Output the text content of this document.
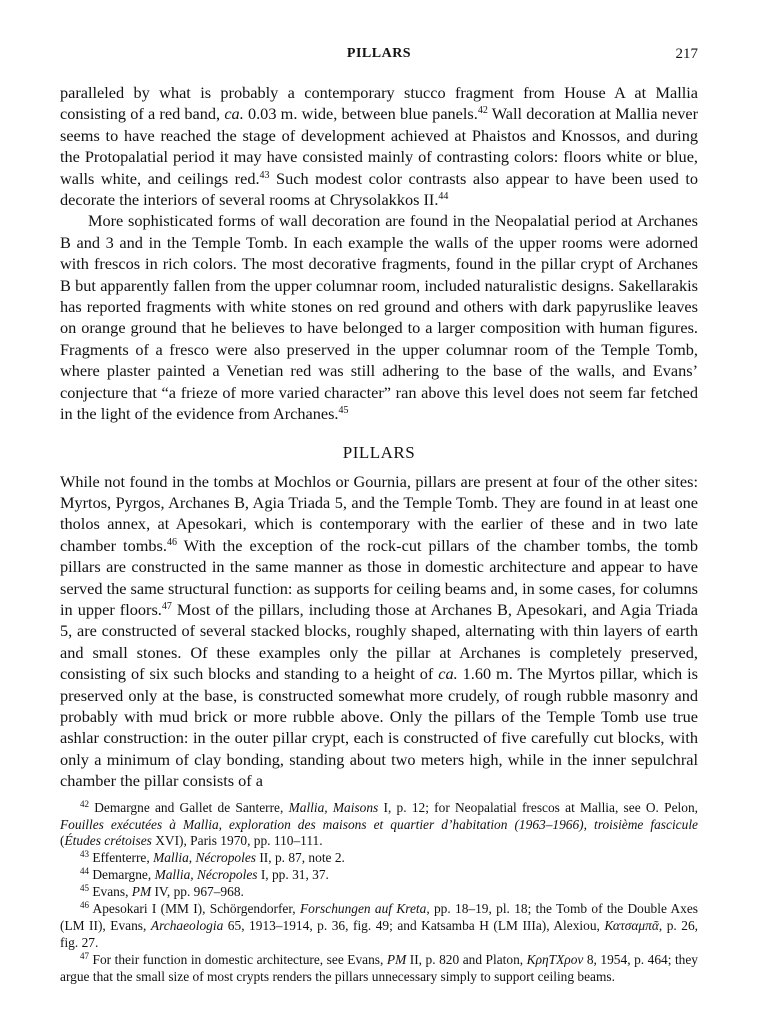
PILLARS	217

paralleled by what is probably a contemporary stucco fragment from House A at Mallia consisting of a red band, ca. 0.03 m. wide, between blue panels.$^{42}$ Wall decoration at Mallia never seems to have reached the stage of development achieved at Phaistos and Knossos, and during the Protopalatial period it may have consisted mainly of contrasting colors: floors white or blue, walls white, and ceilings red.$^{43}$ Such modest color contrasts also appear to have been used to decorate the interiors of several rooms at Chrysolakkos II.$^{44}$

More sophisticated forms of wall decoration are found in the Neopalatial period at Archanes B and 3 and in the Temple Tomb. In each example the walls of the upper rooms were adorned with frescos in rich colors. The most decorative fragments, found in the pillar crypt of Archanes B but apparently fallen from the upper columnar room, included naturalistic designs. Sakellarakis has reported fragments with white stones on red ground and others with dark papyruslike leaves on orange ground that he believes to have belonged to a larger composition with human figures. Fragments of a fresco were also preserved in the upper columnar room of the Temple Tomb, where plaster painted a Venetian red was still adhering to the base of the walls, and Evans’ conjecture that “a frieze of more varied character” ran above this level does not seem far fetched in the light of the evidence from Archanes.$^{45}$

PILLARS

While not found in the tombs at Mochlos or Gournia, pillars are present at four of the other sites: Myrtos, Pyrgos, Archanes B, Agia Triada 5, and the Temple Tomb. They are found in at least one tholos annex, at Apesokari, which is contemporary with the earlier of these and in two late chamber tombs.$^{46}$ With the exception of the rock-cut pillars of the chamber tombs, the tomb pillars are constructed in the same manner as those in domestic architecture and appear to have served the same structural function: as supports for ceiling beams and, in some cases, for columns in upper floors.$^{47}$ Most of the pillars, including those at Archanes B, Apesokari, and Agia Triada 5, are constructed of several stacked blocks, roughly shaped, alternating with thin layers of earth and small stones. Of these examples only the pillar at Archanes is completely preserved, consisting of six such blocks and standing to a height of ca. 1.60 m. The Myrtos pillar, which is preserved only at the base, is constructed somewhat more crudely, of rough rubble masonry and probably with mud brick or more rubble above. Only the pillars of the Temple Tomb use true ashlar construction: in the outer pillar crypt, each is constructed of five carefully cut blocks, with only a minimum of clay bonding, standing about two meters high, while in the inner sepulchral chamber the pillar consists of a

$^{42}$ Demargne and Gallet de Santerre, Mallia, Maisons I, p. 12; for Neopalatial frescos at Mallia, see O. Pelon, Fouilles exécutées à Mallia, exploration des maisons et quartier d’habitation (1963–1966), troisième fascicule (Études crétoises XVI), Paris 1970, pp. 110–111.

$^{43}$ Effenterre, Mallia, Nécropoles II, p. 87, note 2.

$^{44}$ Demargne, Mallia, Nécropoles I, pp. 31, 37.

$^{45}$ Evans, PM IV, pp. 967–968.

$^{46}$ Apesokari I (MM I), Schörgendorfer, Forschungen auf Kreta, pp. 18–19, pl. 18; the Tomb of the Double Axes (LM II), Evans, Archaeologia 65, 1913–1914, p. 36, fig. 49; and Katsamba H (LM IIIa), Alexiou, Κατσαμπᾶ, p. 26, fig. 27.

$^{47}$ For their function in domestic architecture, see Evans, PM II, p. 820 and Platon, ΚρηTΧρον 8, 1954, p. 464; they argue that the small size of most crypts renders the pillars unnecessary simply to support ceiling beams.
